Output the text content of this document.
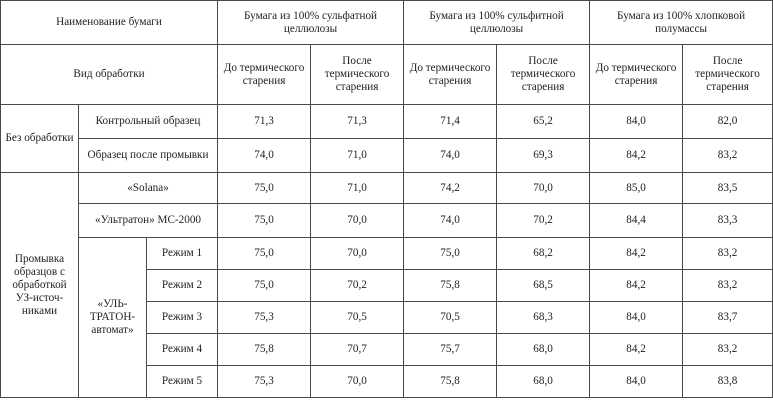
Наименование бумаги			Бумага из 100% сульфатной целлюлозы		Бумага из 100% сульфитной целлюлозы		Бумага из 100% хлопковой полумассы	
Вид обработки			До термического старения	После термического старения	До термического старения	После термического старения	До термического старения	После термического старения
Без обработки	Контрольный образец		71,3	71,3	71,4	65,2	84,0	82,0
	Образец после промывки		74,0	71,0	74,0	69,3	84,2	83,2
Промывка образцов с обработкой УЗ-источ-никами	«Solana»		75,0	71,0	74,2	70,0	85,0	83,5
	«Ультратон» МС-2000		75,0	70,0	74,0	70,2	84,4	83,3
	«УЛЬ-ТРАТОН-автомат»	Режим 1	75,0	70,0	75,0	68,2	84,2	83,2
		Режим 2	75,0	70,2	75,8	68,5	84,2	83,2
		Режим 3	75,3	70,5	70,5	68,3	84,0	83,7
		Режим 4	75,8	70,7	75,7	68,0	84,2	83,2
		Режим 5	75,3	70,0	75,8	68,0	84,0	83,8
